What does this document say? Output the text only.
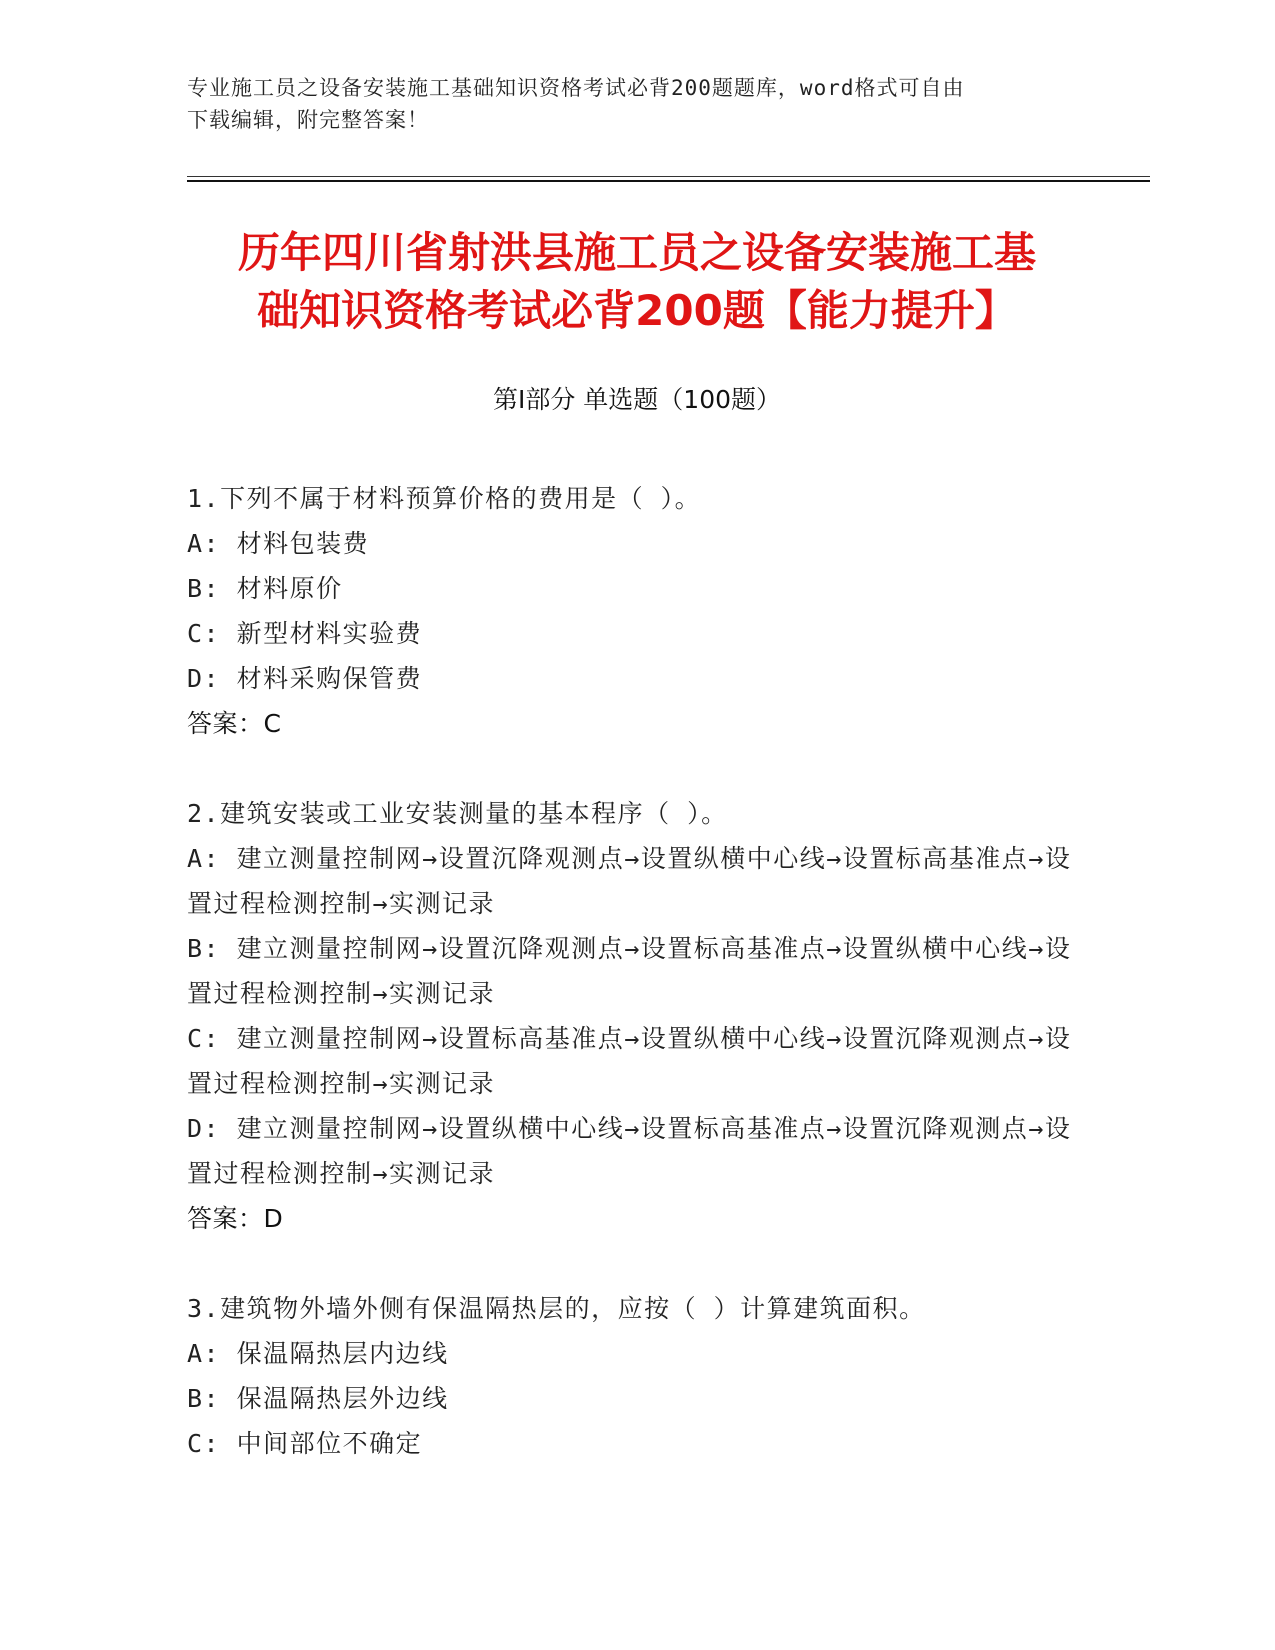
专业施工员之设备安装施工基础知识资格考试必背200题题库，word格式可自由
下载编辑，附完整答案！
历年四川省射洪县施工员之设备安装施工基
础知识资格考试必背200题【能力提升】
第Ⅰ部分 单选题（100题）

1.下列不属于材料预算价格的费用是（ ）。

A: 材料包装费

B: 材料原价

C: 新型材料实验费

D: 材料采购保管费

答案：C

2.建筑安装或工业安装测量的基本程序（ ）。

A: 建立测量控制网→设置沉降观测点→设置纵横中心线→设置标高基准点→设置过程检测控制→实测记录

B: 建立测量控制网→设置沉降观测点→设置标高基准点→设置纵横中心线→设置过程检测控制→实测记录

C: 建立测量控制网→设置标高基准点→设置纵横中心线→设置沉降观测点→设置过程检测控制→实测记录

D: 建立测量控制网→设置纵横中心线→设置标高基准点→设置沉降观测点→设置过程检测控制→实测记录

答案：D

3.建筑物外墙外侧有保温隔热层的，应按（ ）计算建筑面积。

A: 保温隔热层内边线

B: 保温隔热层外边线

C: 中间部位不确定
